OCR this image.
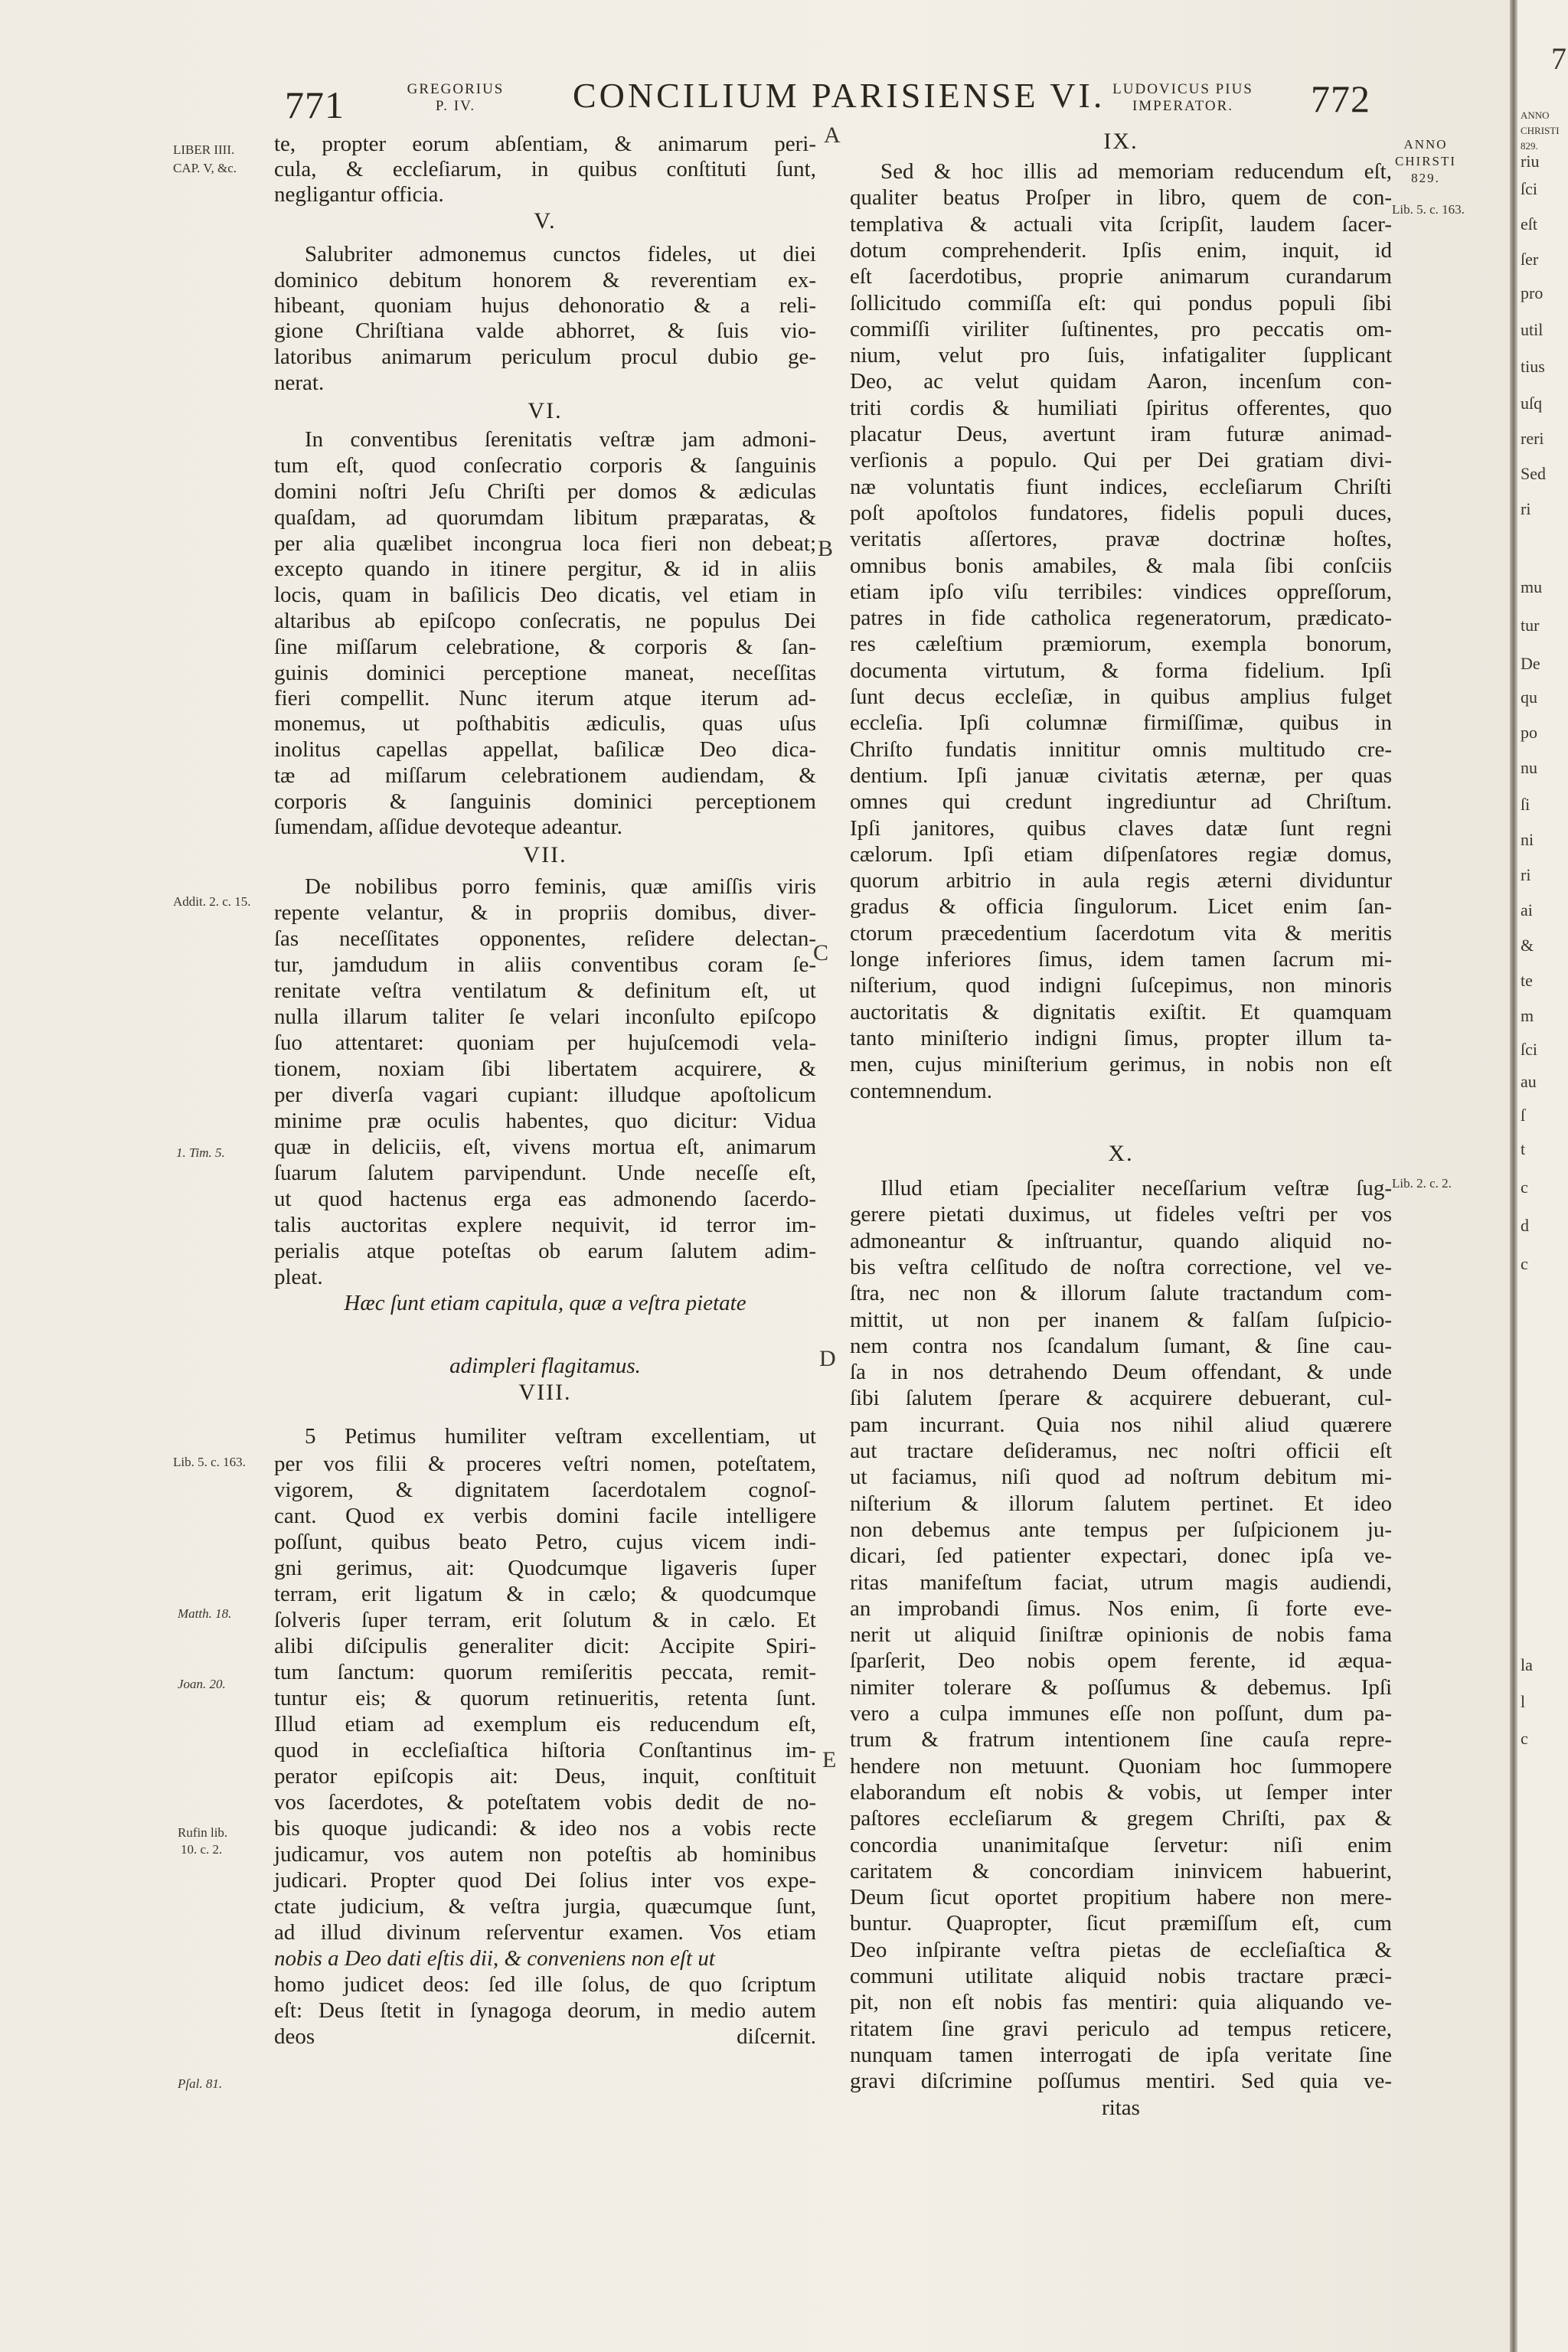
771	GREGORIUS
P. IV.	CONCILIUM PARISIENSE VI. LUDOVICUS PIUS
IMPERATOR.	772
ANNO
CHIRSTI
829.
te, propter eorum abſentiam, & animarum peri-
cula, & eccleſiarum, in quibus conſtituti ſunt,
negligantur officia.
V.
Salubriter admonemus cunctos fideles, ut diei
dominico debitum honorem & reverentiam ex-
hibeant, quoniam hujus dehonoratio & a reli-
gione Chriſtiana valde abhorret, & ſuis vio-
latoribus animarum periculum procul dubio ge-
nerat.
VI.
In conventibus ſerenitatis veſtræ jam admoni-
tum eſt, quod conſecratio corporis & ſanguinis
domini noſtri Jeſu Chriſti per domos & ædiculas
quaſdam, ad quorumdam libitum præparatas, &
per alia quælibet incongrua loca fieri non debeat;
excepto quando in itinere pergitur, & id in aliis
locis, quam in baſilicis Deo dicatis, vel etiam in
altaribus ab epiſcopo conſecratis, ne populus Dei
ſine miſſarum celebratione, & corporis & ſan-
guinis dominici perceptione maneat, neceſſitas
fieri compellit. Nunc iterum atque iterum ad-
monemus, ut poſthabitis ædiculis, quas uſus
inolitus capellas appellat, baſilicæ Deo dica-
tæ ad miſſarum celebrationem audiendam, &
corporis & ſanguinis dominici perceptionem
ſumendam, aſſidue devoteque adeantur.
VII.
De nobilibus porro feminis, quæ amiſſis viris
repente velantur, & in propriis domibus, diver-
ſas neceſſitates opponentes, reſidere delectan-
tur, jamdudum in aliis conventibus coram ſe-
renitate veſtra ventilatum & definitum eſt, ut
nulla illarum taliter ſe velari inconſulto epiſcopo
ſuo attentaret: quoniam per hujuſcemodi vela-
tionem, noxiam ſibi libertatem acquirere, &
per diverſa vagari cupiant: illudque apoſtolicum
minime præ oculis habentes, quo dicitur: Vidua
quæ in deliciis, eſt, vivens mortua eſt, animarum
ſuarum ſalutem parvipendunt. Unde neceſſe eſt,
ut quod hactenus erga eas admonendo ſacerdo-
talis auctoritas explere nequivit, id terror im-
perialis atque poteſtas ob earum ſalutem adim-
pleat.
Hæc ſunt etiam capitula, quæ a veſtra pietate
adimpleri flagitamus.
VIII.
5 Petimus humiliter veſtram excellentiam, ut
per vos filii & proceres veſtri nomen, poteſtatem,
vigorem, & dignitatem ſacerdotalem cognoſ-
cant. Quod ex verbis domini facile intelligere
poſſunt, quibus beato Petro, cujus vicem indi-
gni gerimus, ait: Quodcumque ligaveris ſuper
terram, erit ligatum & in cælo; & quodcumque
ſolveris ſuper terram, erit ſolutum & in cælo. Et
alibi diſcipulis generaliter dicit: Accipite Spiri-
tum ſanctum: quorum remiſeritis peccata, remit-
tuntur eis; & quorum retinueritis, retenta ſunt.
Illud etiam ad exemplum eis reducendum eſt,
quod in eccleſiaſtica hiſtoria Conſtantinus im-
perator epiſcopis ait: Deus, inquit, conſtituit
vos ſacerdotes, & poteſtatem vobis dedit de no-
bis quoque judicandi: & ideo nos a vobis recte
judicamur, vos autem non poteſtis ab hominibus
judicari. Propter quod Dei ſolius inter vos expe-
ctate judicium, & veſtra jurgia, quæcumque ſunt,
ad illud divinum reſerventur examen. Vos etiam
nobis a Deo dati eſtis dii, & conveniens non eſt ut
homo judicet deos: ſed ille ſolus, de quo ſcriptum
eſt: Deus ſtetit in ſynagoga deorum, in medio autem
deos diſcernit.
LIBER IIII.
CAP. V, &c.
Addit. 2. c. 15.
1. Tim. 5.
Lib. 5. c. 163.
Matth. 18.
Joan. 20.
Rufin lib.
10. c. 2.
Pſal. 81.
IX.
Sed & hoc illis ad memoriam reducendum eſt,
qualiter beatus Proſper in libro, quem de con-
templativa & actuali vita ſcripſit, laudem ſacer-
dotum comprehenderit. Ipſis enim, inquit, id
eſt ſacerdotibus, proprie animarum curandarum
ſollicitudo commiſſa eſt: qui pondus populi ſibi
commiſſi viriliter ſuſtinentes, pro peccatis om-
nium, velut pro ſuis, infatigaliter ſupplicant
Deo, ac velut quidam Aaron, incenſum con-
triti cordis & humiliati ſpiritus offerentes, quo
placatur Deus, avertunt iram futuræ animad-
verſionis a populo. Qui per Dei gratiam divi-
næ voluntatis fiunt indices, eccleſiarum Chriſti
poſt apoſtolos fundatores, fidelis populi duces,
veritatis aſſertores, pravæ doctrinæ hoſtes,
omnibus bonis amabiles, & mala ſibi conſciis
etiam ipſo viſu terribiles: vindices oppreſſorum,
patres in fide catholica regeneratorum, prædicato-
res cæleſtium præmiorum, exempla bonorum,
documenta virtutum, & forma fidelium. Ipſi
ſunt decus eccleſiæ, in quibus amplius fulget
eccleſia. Ipſi columnæ firmiſſimæ, quibus in
Chriſto fundatis innititur omnis multitudo cre-
dentium. Ipſi januæ civitatis æternæ, per quas
omnes qui credunt ingrediuntur ad Chriſtum.
Ipſi janitores, quibus claves datæ ſunt regni
cælorum. Ipſi etiam diſpenſatores regiæ domus,
quorum arbitrio in aula regis æterni dividuntur
gradus & officia ſingulorum. Licet enim ſan-
ctorum præcedentium ſacerdotum vita & meritis
longe inferiores ſimus, idem tamen ſacrum mi-
niſterium, quod indigni ſuſcepimus, non minoris
auctoritatis & dignitatis exiſtit. Et quamquam
tanto miniſterio indigni ſimus, propter illum ta-
men, cujus miniſterium gerimus, in nobis non eſt
contemnendum.
X.
Illud etiam ſpecialiter neceſſarium veſtræ ſug-
gerere pietati duximus, ut fideles veſtri per vos
admoneantur & inſtruantur, quando aliquid no-
bis veſtra celſitudo de noſtra correctione, vel ve-
ſtra, nec non & illorum ſalute tractandum com-
mittit, ut non per inanem & falſam ſuſpicio-
nem contra nos ſcandalum ſumant, & ſine cau-
ſa in nos detrahendo Deum offendant, & unde
ſibi ſalutem ſperare & acquirere debuerant, cul-
pam incurrant. Quia nos nihil aliud quærere
aut tractare deſideramus, nec noſtri officii eſt
ut faciamus, niſi quod ad noſtrum debitum mi-
niſterium & illorum ſalutem pertinet. Et ideo
non debemus ante tempus per ſuſpicionem ju-
dicari, ſed patienter expectari, donec ipſa ve-
ritas manifeſtum faciat, utrum magis audiendi,
an improbandi ſimus. Nos enim, ſi forte eve-
nerit ut aliquid ſiniſtræ opinionis de nobis fama
ſparſerit, Deo nobis opem ferente, id æqua-
nimiter tolerare & poſſumus & debemus. Ipſi
vero a culpa immunes eſſe non poſſunt, dum pa-
trum & fratrum intentionem ſine cauſa repre-
hendere non metuunt. Quoniam hoc ſummopere
elaborandum eſt nobis & vobis, ut ſemper inter
paſtores eccleſiarum & gregem Chriſti, pax &
concordia unanimitaſque ſervetur: niſi enim
caritatem & concordiam ininvicem habuerint,
Deum ſicut oportet propitium habere non mere-
buntur. Quapropter, ſicut præmiſſum eſt, cum
Deo inſpirante veſtra pietas de eccleſiaſtica &
communi utilitate aliquid nobis tractare præci-
pit, non eſt nobis fas mentiri: quia aliquando ve-
ritatem ſine gravi periculo ad tempus reticere,
nunquam tamen interrogati de ipſa veritate ſine
gravi diſcrimine poſſumus mentiri. Sed quia ve-
ritas
Lib. 5. c. 163.
Lib. 2. c. 2.
A
B
C
D
E
7
ANNO
CHRISTI
829.
riu
ſci
eſt
ſer
pro
util
tius
uſq
reri
Sed
ri
mu
tur
De
qu
po
nu
ſi
ni
ri
ai
&
te
m
ſci
au
ſ
t
c
d
c
la
l
c
